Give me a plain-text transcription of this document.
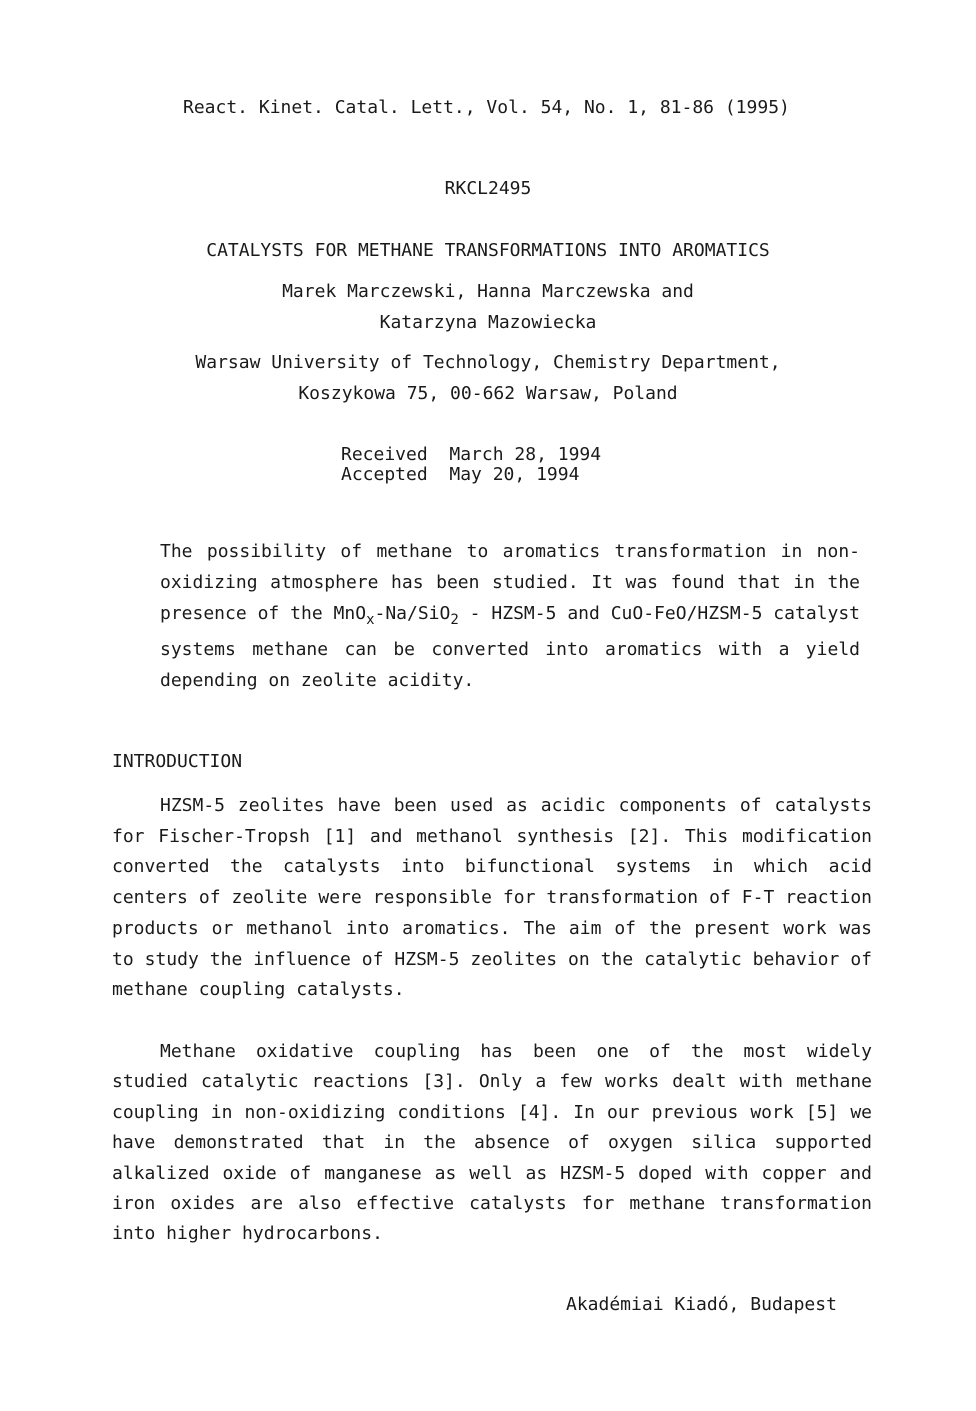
React. Kinet. Catal. Lett., Vol. 54, No. 1, 81-86 (1995)
RKCL2495
CATALYSTS FOR METHANE TRANSFORMATIONS INTO AROMATICS
Marek Marczewski, Hanna Marczewska and
Katarzyna Mazowiecka
Warsaw University of Technology, Chemistry Department,
Koszykowa 75, 00-662 Warsaw, Poland
Received  March 28, 1994
Accepted  May 20, 1994
The possibility of methane to aromatics transformation in non-oxidizing atmosphere has been studied. It was found that in the presence of the MnO$_x$-Na/SiO$_2$ - HZSM-5 and CuO-FeO/HZSM-5 catalyst systems methane can be converted into aromatics with a yield depending on zeolite acidity.
INTRODUCTION
HZSM-5 zeolites have been used as acidic components of catalysts for Fischer-Tropsh [1] and methanol synthesis [2]. This modification converted the catalysts into bifunctional systems in which acid centers of zeolite were responsible for transformation of F-T reaction products or methanol into aromatics. The aim of the present work was to study the influence of HZSM-5 zeolites on the catalytic behavior of methane coupling catalysts.
Methane oxidative coupling has been one of the most widely studied catalytic reactions [3]. Only a few works dealt with methane coupling in non-oxidizing conditions [4]. In our previous work [5] we have demonstrated that in the absence of oxygen silica supported alkalized oxide of manganese as well as HZSM-5 doped with copper and iron oxides are also effective catalysts for methane transformation into higher hydrocarbons.
Akadémiai Kiadó, Budapest
